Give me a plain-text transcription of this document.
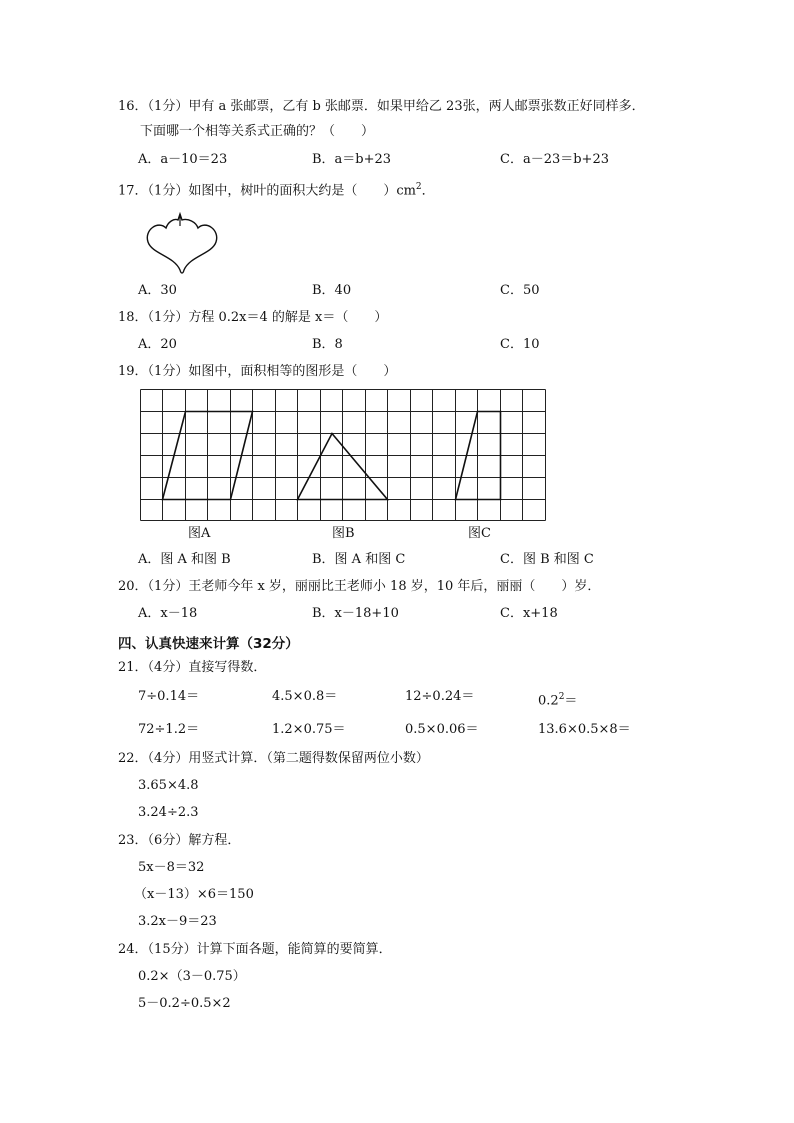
16．（1分）甲有 a 张邮票，乙有 b 张邮票．如果甲给乙 23张，两人邮票张数正好同样多．
下面哪一个相等关系式正确的？（　　）
A．a－10＝23	B．a＝b+23	C．a－23＝b+23
17．（1分）如图中，树叶的面积大约是（　　）$cm^2$．
A．30	B．40	C．50
18．（1分）方程 0.2x＝4 的解是 x＝（　　）
A．20	B．8	C．10
19．（1分）如图中，面积相等的图形是（　　）
图A	图B	图C
A．图 A 和图 B	B．图 A 和图 C	C．图 B 和图 C
20．（1分）王老师今年 x 岁，丽丽比王老师小 18 岁，10 年后，丽丽（　　）岁．
A．x－18	B．x－18+10	C．x+18
四、认真快速来计算（32分）
21．（4分）直接写得数．
7÷0.14＝	4.5×0.8＝	12÷0.24＝	$0.2^2=$
72÷1.2＝	1.2×0.75＝	0.5×0.06＝	13.6×0.5×8＝
22．（4分）用竖式计算．（第二题得数保留两位小数）
3.65×4.8
3.24÷2.3
23．（6分）解方程．
5x－8＝32
（x－13）×6＝150
3.2x－9＝23
24．（15分）计算下面各题，能简算的要简算．
0.2×（3－0.75）
5－0.2÷0.5×2
